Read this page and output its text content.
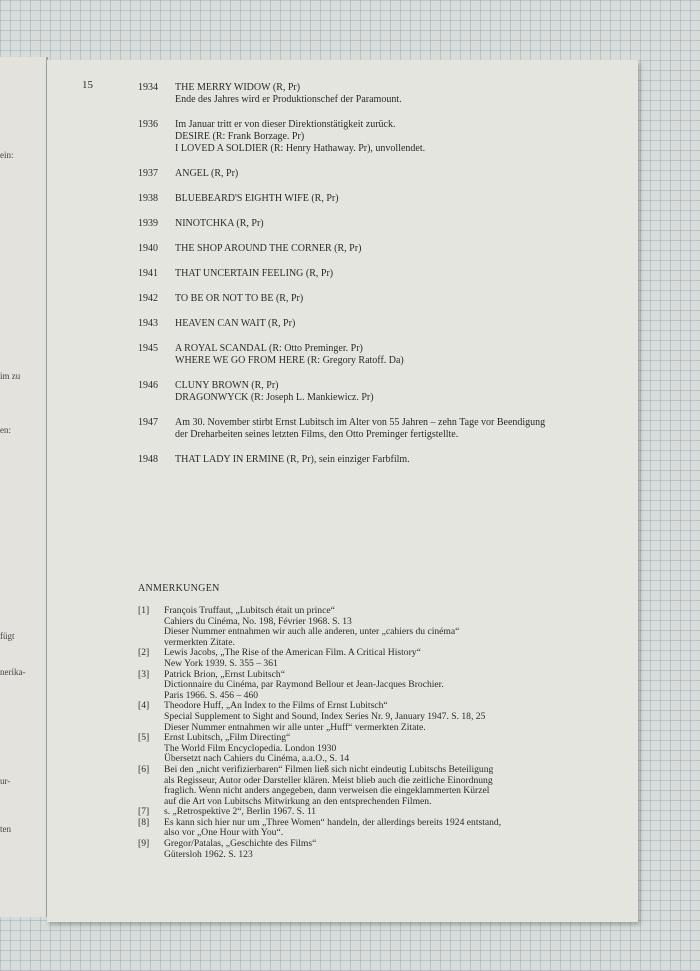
ein:
im zu
en:
fügt
nerika-
ur-
ten
15	1934	THE MERRY WIDOW (R, Pr)
Ende des Jahres wird er Produktionschef der Paramount.
1936	Im Januar tritt er von dieser Direktionstätigkeit zurück.
DESIRE (R: Frank Borzage. Pr)
I LOVED A SOLDIER (R: Henry Hathaway. Pr), unvollendet.
1937	ANGEL (R, Pr)
1938	BLUEBEARD'S EIGHTH WIFE (R, Pr)
1939	NINOTCHKA (R, Pr)
1940	THE SHOP AROUND THE CORNER (R, Pr)
1941	THAT UNCERTAIN FEELING (R, Pr)
1942	TO BE OR NOT TO BE (R, Pr)
1943	HEAVEN CAN WAIT (R, Pr)
1945	A ROYAL SCANDAL (R: Otto Preminger. Pr)
WHERE WE GO FROM HERE (R: Gregory Ratoff. Da)
1946	CLUNY BROWN (R, Pr)
DRAGONWYCK (R: Joseph L. Mankiewicz. Pr)
1947	Am 30. November stirbt Ernst Lubitsch im Alter von 55 Jahren – zehn Tage vor Beendigung
der Dreharbeiten seines letzten Films, den Otto Preminger fertigstellte.
1948	THAT LADY IN ERMINE (R, Pr), sein einziger Farbfilm.
ANMERKUNGEN
[1]	François Truffaut, „Lubitsch était un prince“
Cahiers du Cinéma, No. 198, Février 1968. S. 13
Dieser Nummer entnahmen wir auch alle anderen, unter „cahiers du cinéma“
vermerkten Zitate.
[2]	Lewis Jacobs, „The Rise of the American Film. A Critical History“
New York 1939. S. 355 – 361
[3]	Patrick Brion, „Ernst Lubitsch“
Dictionnaire du Cinéma, par Raymond Bellour et Jean-Jacques Brochier.
Paris 1966. S. 456 – 460
[4]	Theodore Huff, „An Index to the Films of Ernst Lubitsch“
Special Supplement to Sight and Sound, Index Series Nr. 9, January 1947. S. 18, 25
Dieser Nummer entnahmen wir alle unter „Huff“ vermerkten Zitate.
[5]	Ernst Lubitsch, „Film Directing“
The World Film Encyclopedia. London 1930
Übersetzt nach Cahiers du Cinéma, a.a.O., S. 14
[6]	Bei den „nicht verifizierbaren“ Filmen ließ sich nicht eindeutig Lubitschs Beteiligung
als Regisseur, Autor oder Darsteller klären. Meist blieb auch die zeitliche Einordnung
fraglich. Wenn nicht anders angegeben, dann verweisen die eingeklammerten Kürzel
auf die Art von Lubitschs Mitwirkung an den entsprechenden Filmen.
[7]	s. „Retrospektive 2“, Berlin 1967. S. 11
[8]	Es kann sich hier nur um „Three Women“ handeln, der allerdings bereits 1924 entstand,
also vor „One Hour with You“.
[9]	Gregor/Patalas, „Geschichte des Films“
Gütersloh 1962. S. 123
